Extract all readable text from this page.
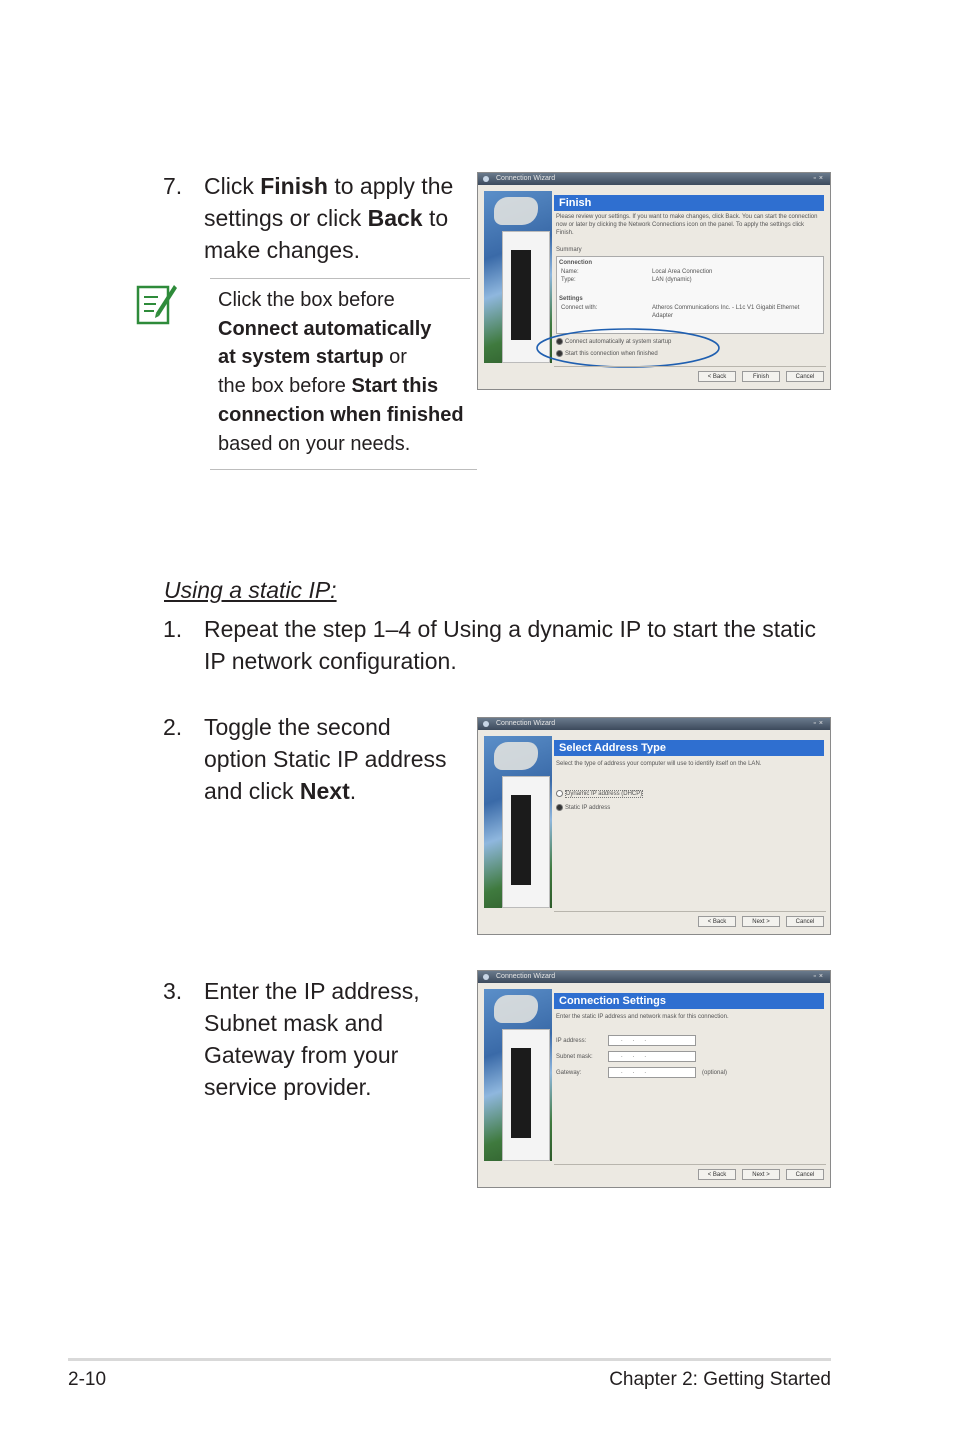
7. Click Finish to apply the
settings or click Back to
make changes.
Click the box before
Connect automatically
at system startup or
the box before Start this
connection when finished
based on your needs.
Connection Wizard	▫×
Finish
Please review your settings. If you want to make changes, click Back. You can start the connection now or later by clicking the Network Connections icon on the panel. To apply the settings click Finish.
Summary
Connection
Name:	Local Area Connection
Type:	LAN (dynamic)
Settings
Connect with:	Atheros Communications Inc. - L1c V1 Gigabit Ethernet Adapter
Connect automatically at system startup
Start this connection when finished
< Back	Finish	Cancel
Using a static IP:
1. Repeat the step 1–4 of Using a dynamic IP to start the static
IP network configuration.
2. Toggle the second
option Static IP address
and click Next.
Connection Wizard	▫×
Select Address Type
Select the type of address your computer will use to identify itself on the LAN.
Dynamic IP address (DHCP)
Static IP address
< Back	Next >	Cancel
3. Enter the IP address,
Subnet mask and
Gateway from your
service provider.
Connection Wizard	▫×
Connection Settings
Enter the static IP address and network mask for this connection.
IP address:	...
Subnet mask:	...
Gateway:	...	(optional)
< Back	Next >	Cancel
2-10	Chapter 2: Getting Started
